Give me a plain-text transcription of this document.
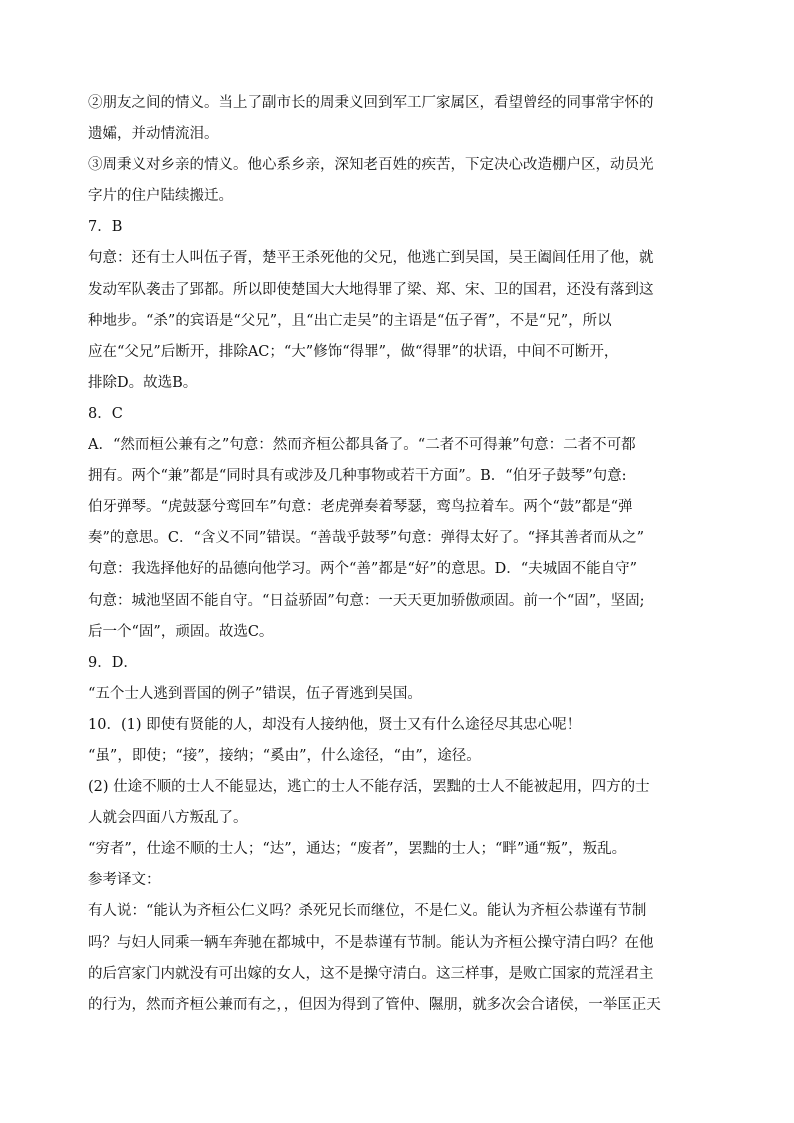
②朋友之间的情义。当上了副市长的周秉义回到军工厂家属区，看望曾经的同事常宇怀的
遗孀，并动情流泪。
③周秉义对乡亲的情义。他心系乡亲，深知老百姓的疾苦，下定决心改造棚户区，动员光
字片的住户陆续搬迁。
7．B
句意：还有士人叫伍子胥，楚平王杀死他的父兄，他逃亡到吴国，吴王阖闾任用了他，就
发动军队袭击了郢都。所以即使楚国大大地得罪了梁、郑、宋、卫的国君，还没有落到这
种地步。“杀”的宾语是“父兄”，且“出亡走吴”的主语是“伍子胥”，不是“兄”，所以
应在“父兄”后断开，排除AC；“大”修饰“得罪”，做“得罪”的状语，中间不可断开，
排除D。故选B。
8．C
A．“然而桓公兼有之”句意：然而齐桓公都具备了。“二者不可得兼”句意：二者不可都
拥有。两个“兼”都是“同时具有或涉及几种事物或若干方面”。B．“伯牙子鼓琴”句意:
伯牙弹琴。“虎鼓瑟兮鸾回车”句意：老虎弹奏着琴瑟，鸾鸟拉着车。两个“鼓”都是“弹
奏”的意思。C．“含义不同”错误。“善哉乎鼓琴”句意：弹得太好了。“择其善者而从之”
句意：我选择他好的品德向他学习。两个“善”都是“好”的意思。D．“夫城固不能自守”
句意：城池坚固不能自守。“日益骄固”句意：一天天更加骄傲顽固。前一个“固”，坚固;
后一个“固”，顽固。故选C。
9．D．
“五个士人逃到晋国的例子”错误，伍子胥逃到吴国。
10．(1) 即使有贤能的人，却没有人接纳他，贤士又有什么途径尽其忠心呢！
“虽”，即使；“接”，接纳；“奚由”，什么途径，“由”，途径。
(2) 仕途不顺的士人不能显达，逃亡的士人不能存活，罢黜的士人不能被起用，四方的士
人就会四面八方叛乱了。
“穷者”，仕途不顺的士人；“达”，通达；“废者”，罢黜的士人；“畔”通“叛”，叛乱。
参考译文：
有人说：“能认为齐桓公仁义吗？杀死兄长而继位，不是仁义。能认为齐桓公恭谨有节制
吗？与妇人同乘一辆车奔驰在都城中，不是恭谨有节制。能认为齐桓公操守清白吗？在他
的后宫家门内就没有可出嫁的女人，这不是操守清白。这三样事，是败亡国家的荒淫君主
的行为，然而齐桓公兼而有之，，但因为得到了管仲、隰朋，就多次会合诸侯，一举匡正天
